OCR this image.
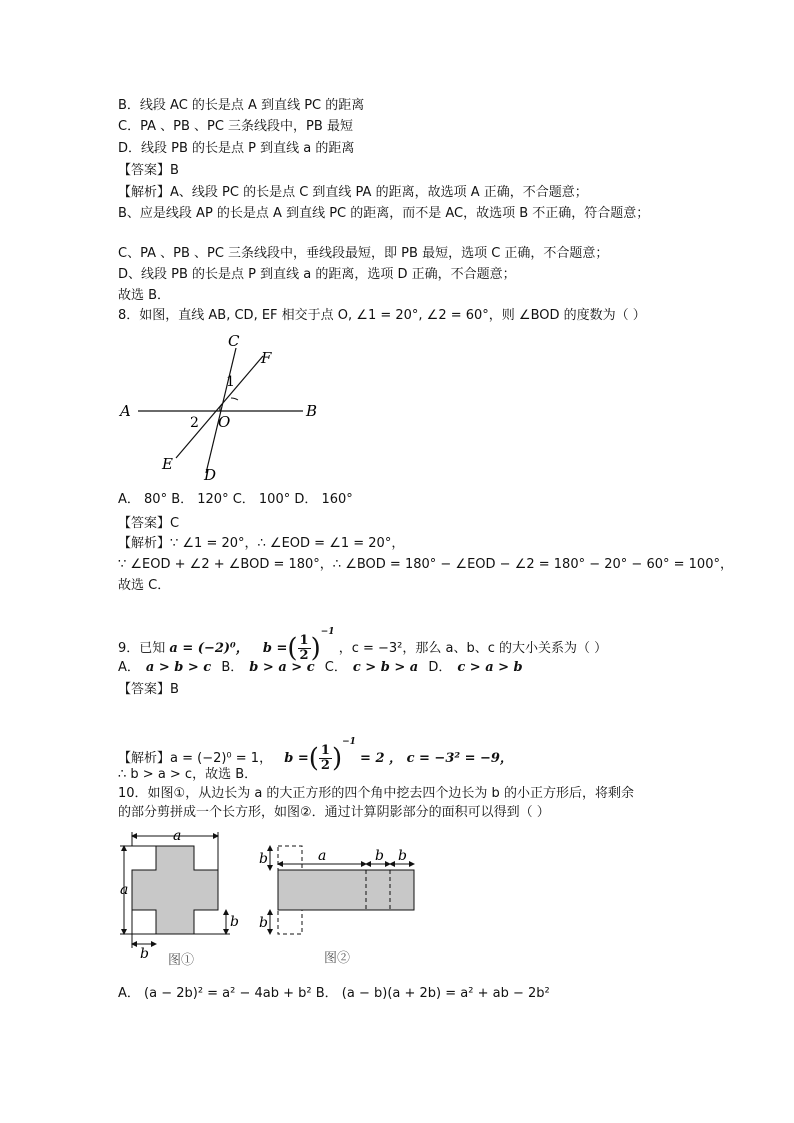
B．线段 AC 的长是点 A 到直线 PC 的距离
C．PA 、PB 、PC 三条线段中，PB 最短
D．线段 PB 的长是点 P 到直线 a 的距离
【答案】B
【解析】A、线段 PC 的长是点 C 到直线 PA 的距离，故选项 A 正确，不合题意；
B、应是线段 AP 的长是点 A 到直线 PC 的距离，而不是 AC，故选项 B 不正确，符合题意；
C、PA 、PB 、PC 三条线段中，垂线段最短，即 PB 最短，选项 C 正确，不合题意；
D、线段 PB 的长是点 P 到直线 a 的距离，选项 D 正确，不合题意；
故选 B．
8．如图，直线 AB, CD, EF 相交于点 O, ∠1 = 20°, ∠2 = 60°，则 ∠BOD 的度数为（ ）
A	B
C
D
E
F
O
1
2
A． 80° B． 120° C． 100° D． 160°
【答案】C
【解析】∵ ∠1 = 20°，∴ ∠EOD = ∠1 = 20°，
∵ ∠EOD + ∠2 + ∠BOD = 180°，∴ ∠BOD = 180° − ∠EOD − ∠2 = 180° − 20° − 60° = 100°，
故选 C．
9．已知 a = (−2)⁰， b =( $\frac{1}{2} )^{-1}$ ，c = −3²，那么 a、b、c 的大小关系为（ ）
A． a > b > c B． b > a > c C． c > b > a D． c > a > b
【答案】B
【解析】a = (−2)⁰ = 1， b =( $\frac{1}{2} )^{-1} = 2$ ， c = −3² = −9，
∴ b > a > c，故选 B．
10．如图①，从边长为 a 的大正方形的四个角中挖去四个边长为 b 的小正方形后，将剩余
的部分剪拼成一个长方形，如图②．通过计算阴影部分的面积可以得到（ ）
a
a
b
b 图①
a	b b
b
b
图②
A． (a − 2b)² = a² − 4ab + b² B． (a − b)(a + 2b) = a² + ab − 2b²
